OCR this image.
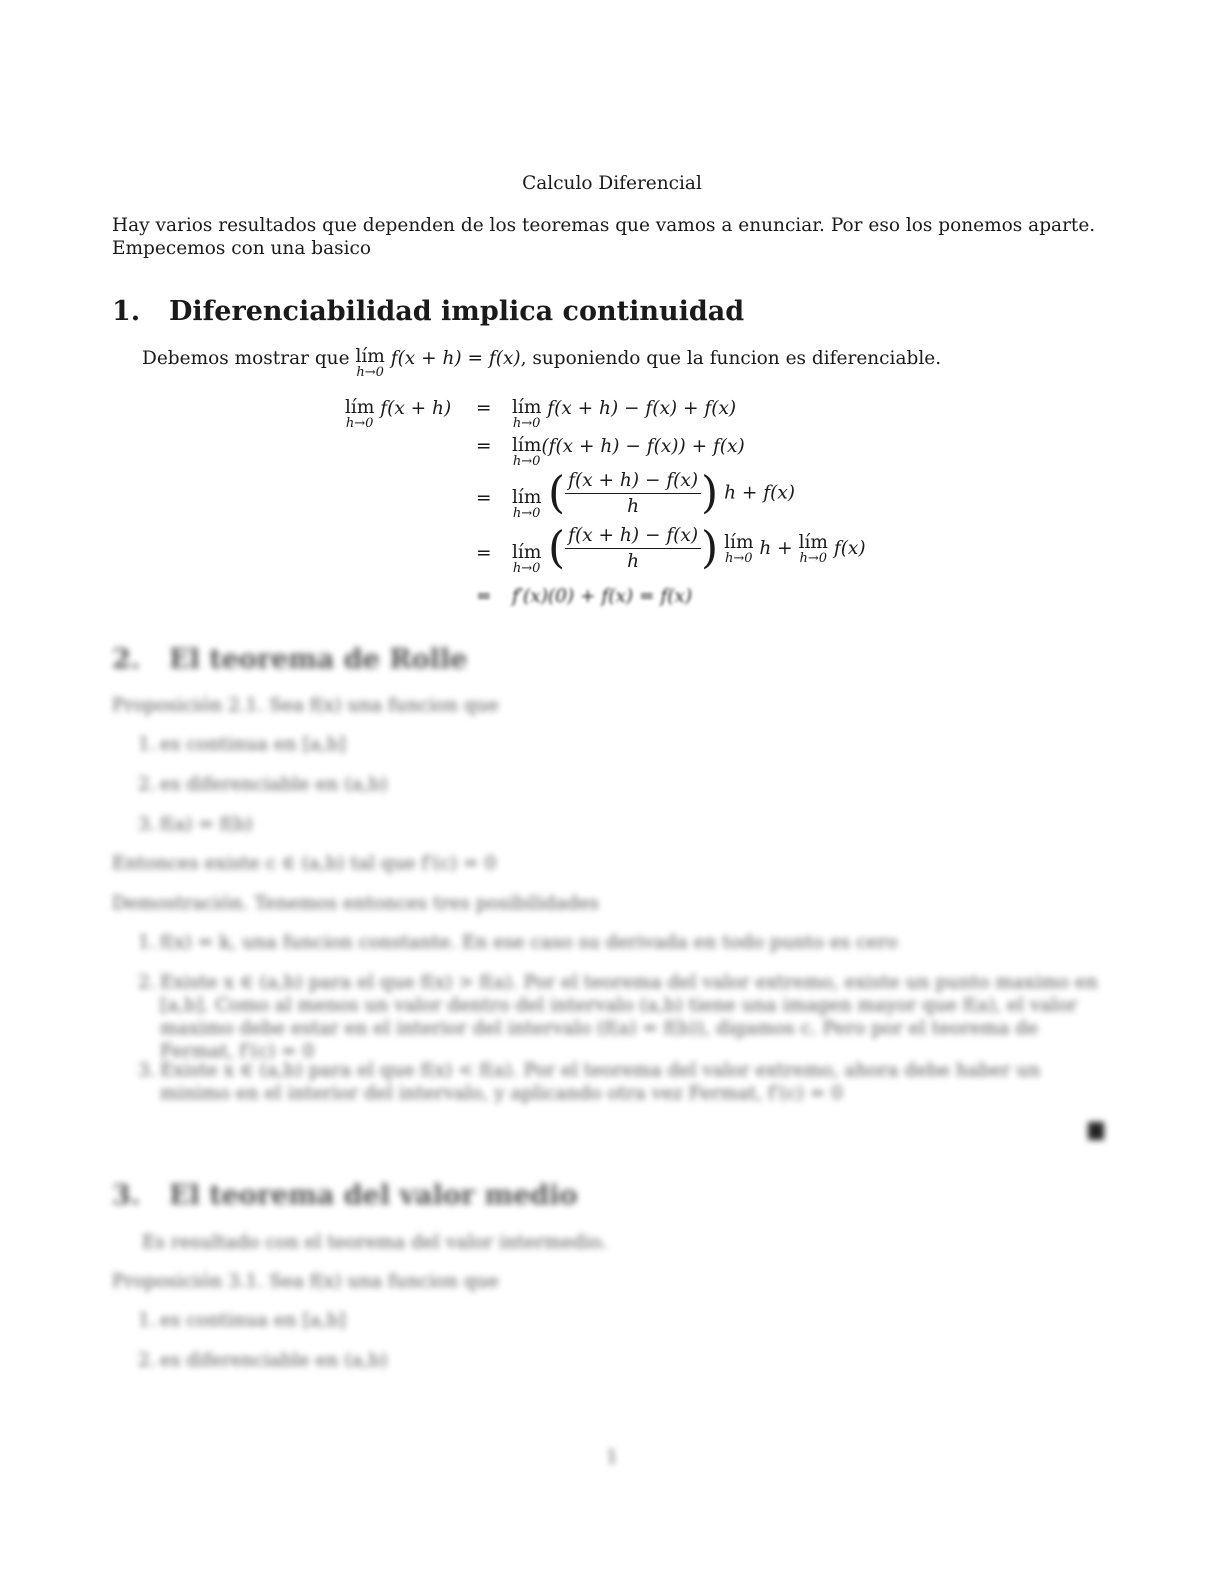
Calculo Diferencial
Hay varios resultados que dependen de los teoremas que vamos a enunciar. Por eso los ponemos aparte. Empecemos con una basico
1. Diferenciabilidad implica continuidad
Debemos mostrar que lím
h→0
f(x + h) = f(x), suponiendo que la funcion es diferenciable.
lím
h→0
f(x + h) = lím
h→0
f(x + h) − f(x) + f(x)
= lím
h→0
(f(x + h) − f(x)) + f(x)
= lím
h→0 ( $\frac{f(x + h) - f(x)}{h}$ ) h + f(x)
= lím
h→0 ( $\frac{f(x + h) - f(x)}{h}$ ) lím
h→0 h + lím
h→0 f(x)
= f′(x)(0) + f(x) = f(x)
2. El teorema de Rolle
Proposición 2.1. Sea f(x) una funcion que
1. es continua en [a,b]
2. es diferenciable en (a,b)
3. f(a) = f(b)
Entonces existe c ∈ (a,b) tal que f′(c) = 0
Demostración. Tenemos entonces tres posibilidades
1. f(x) = k, una funcion constante. En ese caso su derivada en todo punto es cero
2. Existe x ∈ (a,b) para el que f(x) > f(a). Por el teorema del valor extremo, existe un punto maximo en [a,b]. Como al menos un valor dentro del intervalo (a,b) tiene una imagen mayor que f(a), el valor maximo debe estar en el interior del intervalo (f(a) = f(b)), digamos c. Pero por el teorema de Fermat, f′(c) = 0
3. Existe x ∈ (a,b) para el que f(x) < f(a). Por el teorema del valor extremo, ahora debe haber un minimo en el interior del intervalo, y aplicando otra vez Fermat, f′(c) = 0
3. El teorema del valor medio
Es resultado con el teorema del valor intermedio.
Proposición 3.1. Sea f(x) una funcion que
1. es continua en [a,b]
2. es diferenciable en (a,b)
1
